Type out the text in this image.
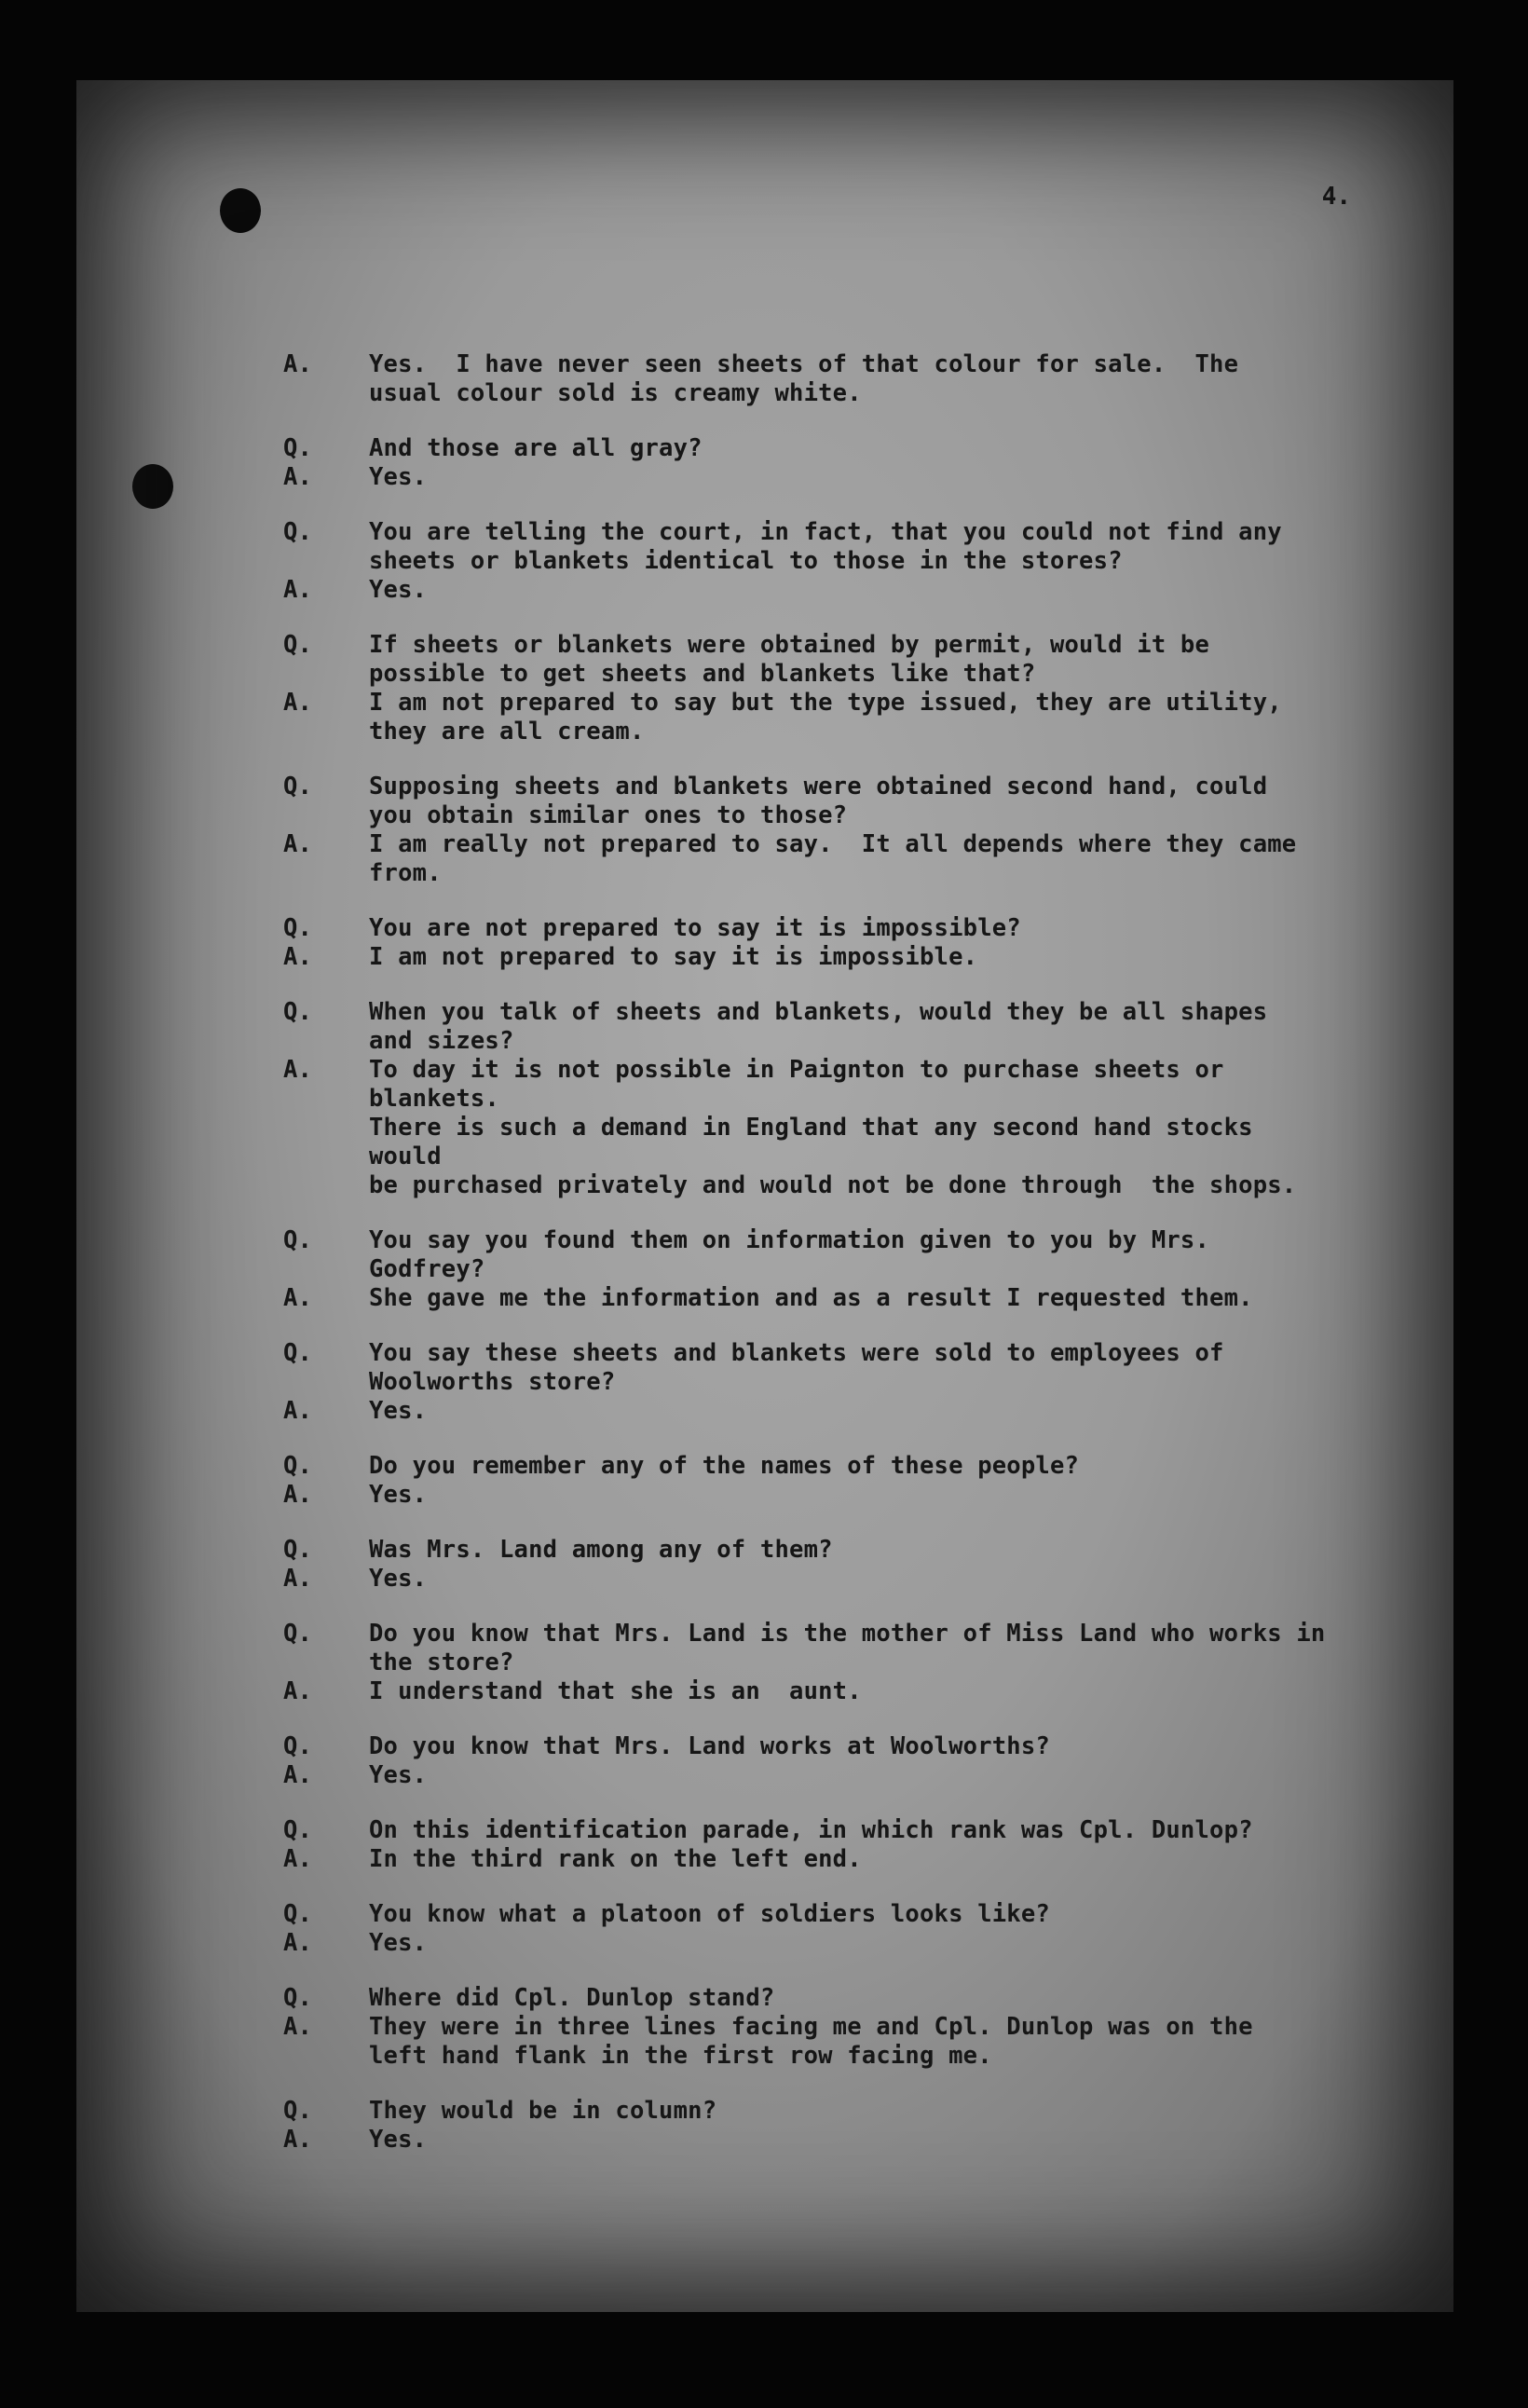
4.
A.	Yes.  I have never seen sheets of that colour for sale.  The
usual colour sold is creamy white.
Q.	And those are all gray?
A.	Yes.
Q.	You are telling the court, in fact, that you could not find any
sheets or blankets identical to those in the stores?
A.	Yes.
Q.	If sheets or blankets were obtained by permit, would it be
possible to get sheets and blankets like that?
A.	I am not prepared to say but the type issued, they are utility,
they are all cream.
Q.	Supposing sheets and blankets were obtained second hand, could
you obtain similar ones to those?
A.	I am really not prepared to say.  It all depends where they came
from.
Q.	You are not prepared to say it is impossible?
A.	I am not prepared to say it is impossible.
Q.	When you talk of sheets and blankets, would they be all shapes
and sizes?
A.	To day it is not possible in Paignton to purchase sheets or blankets.
There is such a demand in England that any second hand stocks would
be purchased privately and would not be done through  the shops.
Q.	You say you found them on information given to you by Mrs. Godfrey?
A.	She gave me the information and as a result I requested them.
Q.	You say these sheets and blankets were sold to employees of
Woolworths store?
A.	Yes.
Q.	Do you remember any of the names of these people?
A.	Yes.
Q.	Was Mrs. Land among any of them?
A.	Yes.
Q.	Do you know that Mrs. Land is the mother of Miss Land who works in
the store?
A.	I understand that she is an  aunt.
Q.	Do you know that Mrs. Land works at Woolworths?
A.	Yes.
Q.	On this identification parade, in which rank was Cpl. Dunlop?
A.	In the third rank on the left end.
Q.	You know what a platoon of soldiers looks like?
A.	Yes.
Q.	Where did Cpl. Dunlop stand?
A.	They were in three lines facing me and Cpl. Dunlop was on the
left hand flank in the first row facing me.
Q.	They would be in column?
A.	Yes.
